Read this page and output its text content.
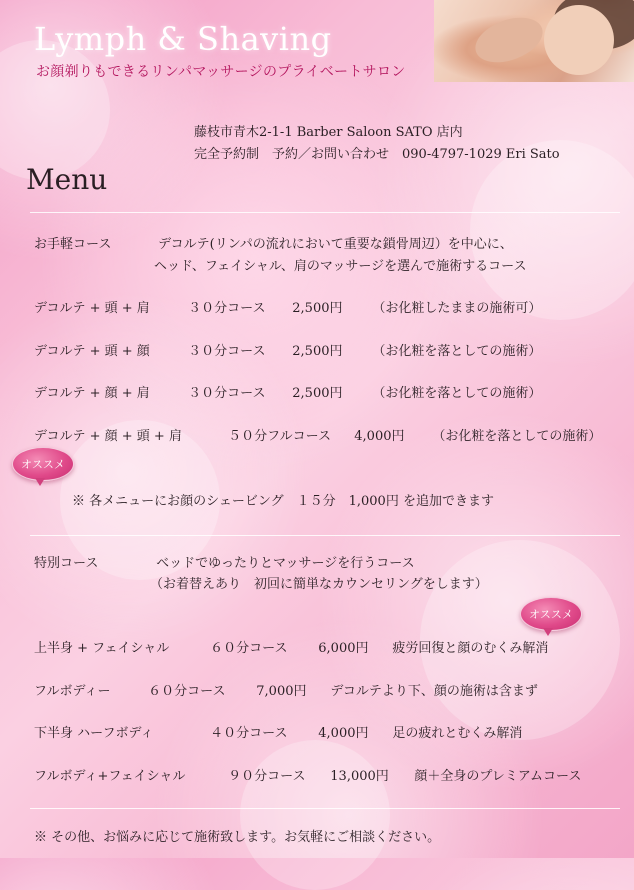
Lymph & Shaving
お顔剃りもできるリンパマッサージのプライベートサロン
藤枝市青木2-1-1 Barber Saloon SATO 店内
完全予約制　予約／お問い合わせ　090-4797-1029 Eri Sato
Menu
お手軽コース	デコルテ(リンパの流れにおいて重要な鎖骨周辺）を中心に、
ヘッド、フェイシャル、肩のマッサージを選んで施術するコース
デコルテ + 頭 + 肩	３０分コース 2,500円 （お化粧したままの施術可）
デコルテ + 頭 + 顔	３０分コース 2,500円 （お化粧を落としての施術）
デコルテ + 顔 + 肩	３０分コース 2,500円 （お化粧を落としての施術）
デコルテ + 顔 + 頭 + 肩	５０分フルコース 4,000円 （お化粧を落としての施術）
オススメ
※ 各メニューにお顔のシェービング　１５分　1,000円 を追加できます
特別コース	ベッドでゆったりとマッサージを行うコース
（お着替えあり　初回に簡単なカウンセリングをします）
オススメ
上半身 + フェイシャル	６０分コース 6,000円 疲労回復と顔のむくみ解消
フルボディー	６０分コース 7,000円 デコルテより下、顔の施術は含まず
下半身 ハーフボディ	４０分コース 4,000円 足の疲れとむくみ解消
フルボディ+フェイシャル	９０分コース 13,000円 顔＋全身のプレミアムコース
※ その他、お悩みに応じて施術致します。お気軽にご相談ください。
